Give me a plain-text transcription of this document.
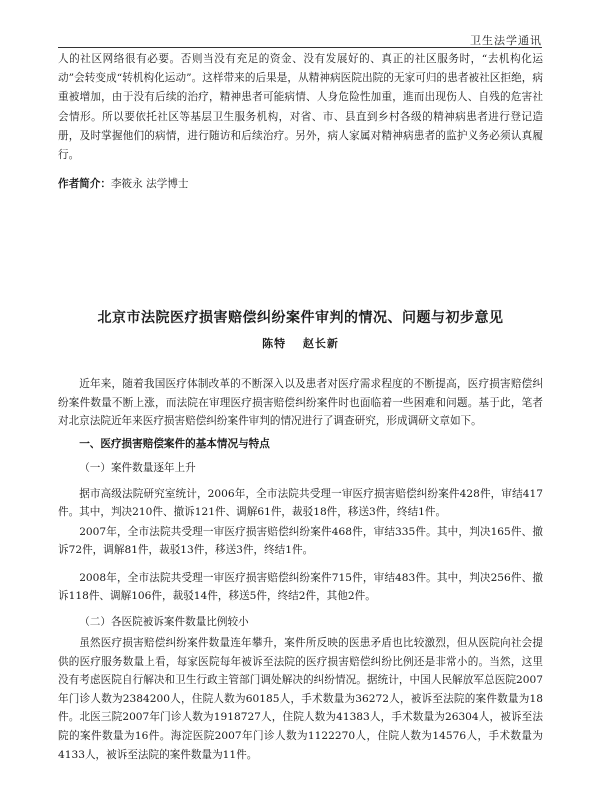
卫生法学通讯

人的社区网络很有必要。否则当没有充足的资金、没有发展好的、真正的社区服务时，“去机构化运动”会转变成“转机构化运动”。这样带来的后果是，从精神病医院出院的无家可归的患者被社区拒绝，病重被增加，由于没有后续的治疗，精神患者可能病情、人身危险性加重，進而出现伤人、自残的危害社会情形。所以要依托社区等基层卫生服务机构，对省、市、县直到乡村各级的精神病患者进行登记造册，及时掌握他们的病情，进行随访和后续治疗。另外，病人家属对精神病患者的监护义务必须认真履行。

作者简介：李筱永 法学博士

北京市法院医疗损害赔偿纠纷案件审判的情况、问题与初步意见
陈特　 赵长新

近年来，随着我国医疗体制改革的不断深入以及患者对医疗需求程度的不断提高，医疗损害赔偿纠纷案件数量不断上涨，而法院在审理医疗损害赔偿纠纷案件时也面临着一些困难和问题。基于此，笔者对北京法院近年来医疗损害赔偿纠纷案件审判的情况进行了调查研究，形成调研文章如下。

一、医疗损害赔偿案件的基本情况与特点
（一）案件数量逐年上升

据市高级法院研究室统计，2006年，全市法院共受理一审医疗损害赔偿纠纷案件428件，审结417件。其中，判决210件、撤诉121件、调解61件，裁驳18件，移送3件，终结1件。

2007年，全市法院共受理一审医疗损害赔偿纠纷案件468件，审结335件。其中，判决165件、撤诉72件，调解81件，裁驳13件，移送3件，终结1件。

2008年，全市法院共受理一审医疗损害赔偿纠纷案件715件，审结483件。其中，判决256件、撤诉118件、调解106件，裁驳14件，移送5件，终结2件，其他2件。

（二）各医院被诉案件数量比例较小

虽然医疗损害赔偿纠纷案件数量连年攀升，案件所反映的医患矛盾也比较激烈，但从医院向社会提供的医疗服务数量上看，每家医院每年被诉至法院的医疗损害赔偿纠纷比例还是非常小的。当然，这里没有考虑医院自行解决和卫生行政主管部门调处解决的纠纷情况。据统计，中国人民解放军总医院2007年门诊人数为2384200人，住院人数为60185人，手术数量为36272人，被诉至法院的案件数量为18件。北医三院2007年门诊人数为1918727人，住院人数为41383人，手术数量为26304人，被诉至法院的案件数量为16件。海淀医院2007年门诊人数为1122270人，住院人数为14576人，手术数量为4133人，被诉至法院的案件数量为11件。
